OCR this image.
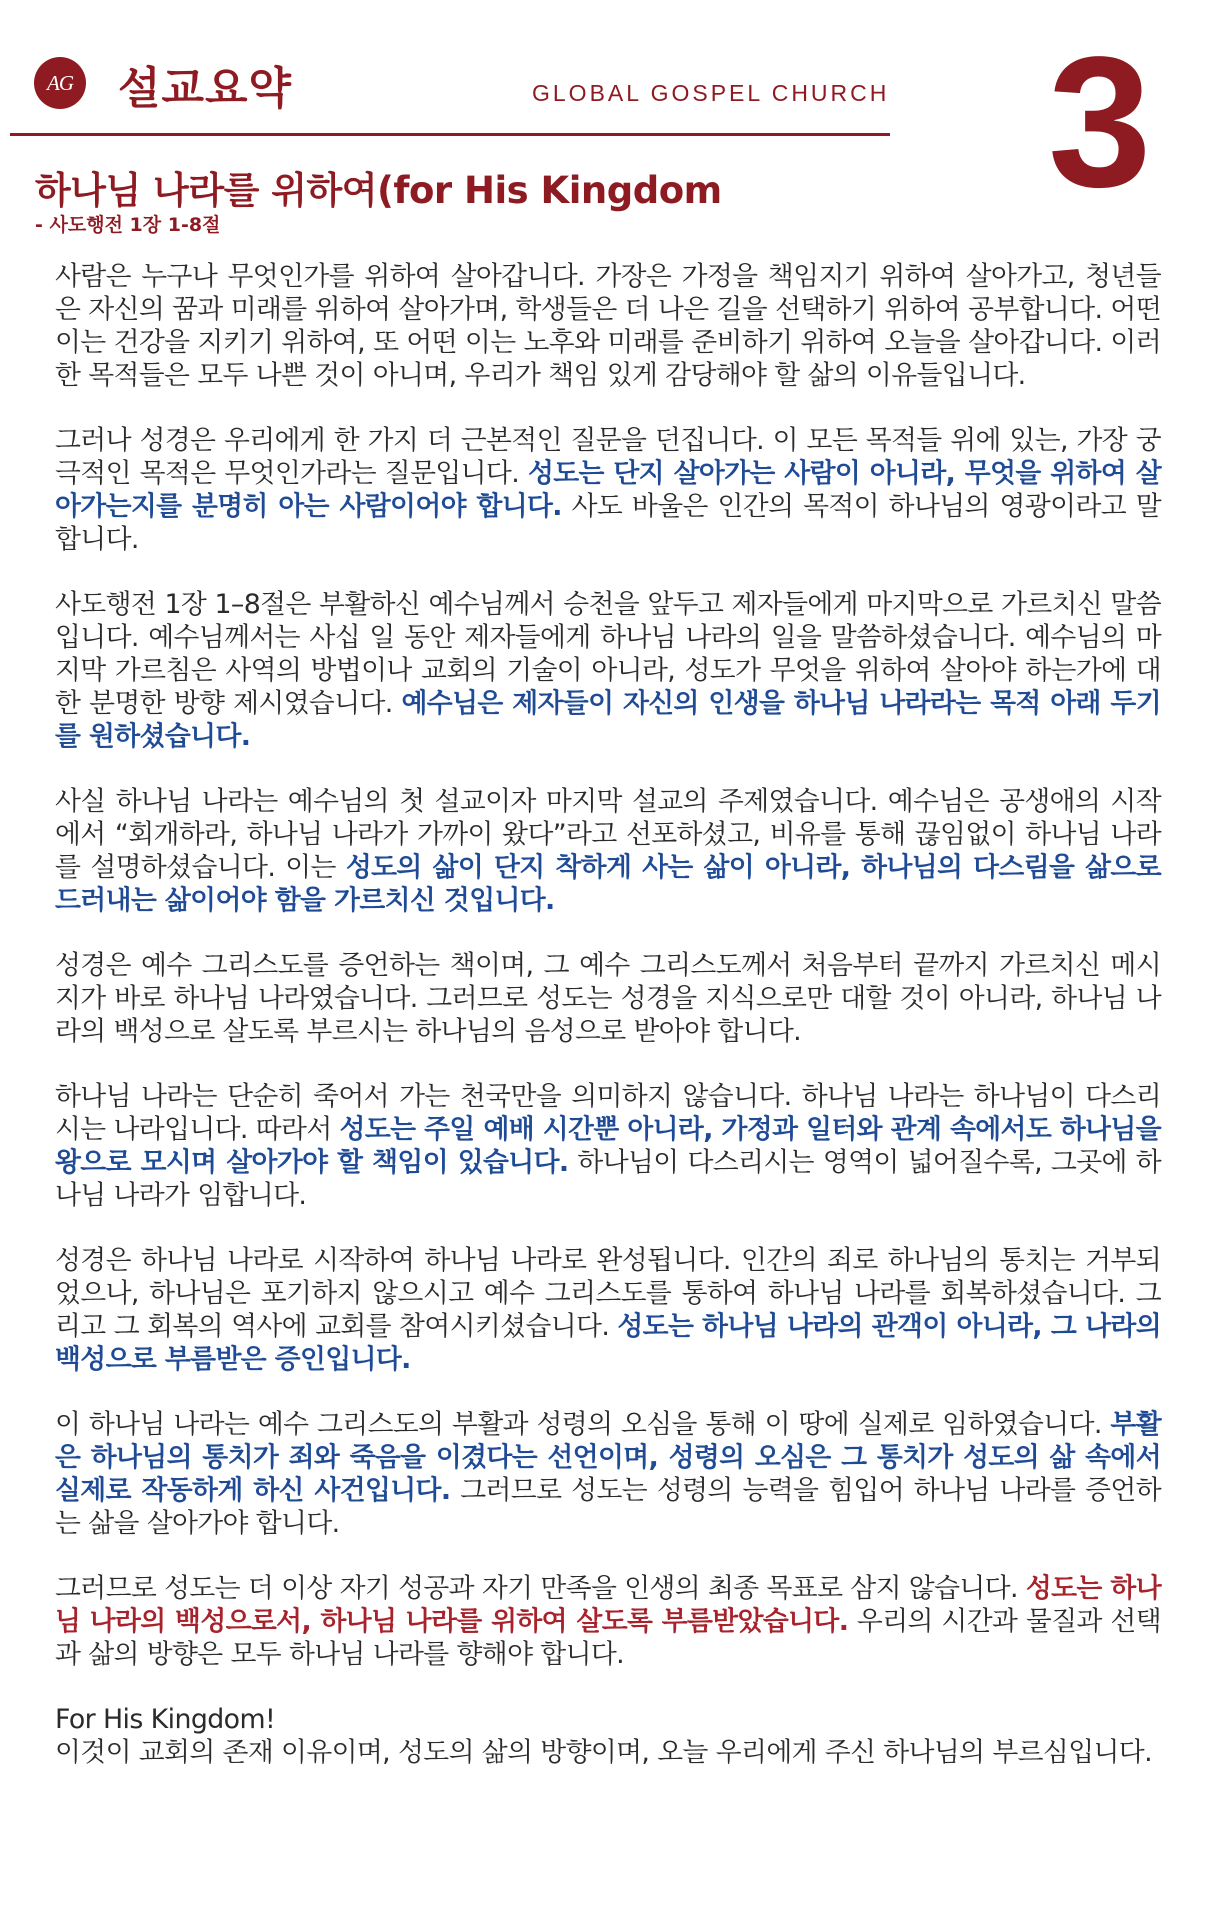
AG 설교요약	GLOBAL GOSPEL CHURCH 3
하나님 나라를 위하여(for His Kingdom
- 사도행전 1장 1-8절

사람은 누구나 무엇인가를 위하여 살아갑니다. 가장은 가정을 책임지기 위하여 살아가고, 청년들은 자신의 꿈과 미래를 위하여 살아가며, 학생들은 더 나은 길을 선택하기 위하여 공부합니다. 어떤 이는 건강을 지키기 위하여, 또 어떤 이는 노후와 미래를 준비하기 위하여 오늘을 살아갑니다. 이러한 목적들은 모두 나쁜 것이 아니며, 우리가 책임 있게 감당해야 할 삶의 이유들입니다.

그러나 성경은 우리에게 한 가지 더 근본적인 질문을 던집니다. 이 모든 목적들 위에 있는, 가장 궁극적인 목적은 무엇인가라는 질문입니다. 성도는 단지 살아가는 사람이 아니라, 무엇을 위하여 살아가는지를 분명히 아는 사람이어야 합니다. 사도 바울은 인간의 목적이 하나님의 영광이라고 말합니다.

사도행전 1장 1–8절은 부활하신 예수님께서 승천을 앞두고 제자들에게 마지막으로 가르치신 말씀입니다. 예수님께서는 사십 일 동안 제자들에게 하나님 나라의 일을 말씀하셨습니다. 예수님의 마지막 가르침은 사역의 방법이나 교회의 기술이 아니라, 성도가 무엇을 위하여 살아야 하는가에 대한 분명한 방향 제시였습니다. 예수님은 제자들이 자신의 인생을 하나님 나라라는 목적 아래 두기를 원하셨습니다.

사실 하나님 나라는 예수님의 첫 설교이자 마지막 설교의 주제였습니다. 예수님은 공생애의 시작에서 “회개하라, 하나님 나라가 가까이 왔다”라고 선포하셨고, 비유를 통해 끊임없이 하나님 나라를 설명하셨습니다. 이는 성도의 삶이 단지 착하게 사는 삶이 아니라, 하나님의 다스림을 삶으로 드러내는 삶이어야 함을 가르치신 것입니다.

성경은 예수 그리스도를 증언하는 책이며, 그 예수 그리스도께서 처음부터 끝까지 가르치신 메시지가 바로 하나님 나라였습니다. 그러므로 성도는 성경을 지식으로만 대할 것이 아니라, 하나님 나라의 백성으로 살도록 부르시는 하나님의 음성으로 받아야 합니다.

하나님 나라는 단순히 죽어서 가는 천국만을 의미하지 않습니다. 하나님 나라는 하나님이 다스리시는 나라입니다. 따라서 성도는 주일 예배 시간뿐 아니라, 가정과 일터와 관계 속에서도 하나님을 왕으로 모시며 살아가야 할 책임이 있습니다. 하나님이 다스리시는 영역이 넓어질수록, 그곳에 하나님 나라가 임합니다.

성경은 하나님 나라로 시작하여 하나님 나라로 완성됩니다. 인간의 죄로 하나님의 통치는 거부되었으나, 하나님은 포기하지 않으시고 예수 그리스도를 통하여 하나님 나라를 회복하셨습니다. 그리고 그 회복의 역사에 교회를 참여시키셨습니다. 성도는 하나님 나라의 관객이 아니라, 그 나라의 백성으로 부름받은 증인입니다.

이 하나님 나라는 예수 그리스도의 부활과 성령의 오심을 통해 이 땅에 실제로 임하였습니다. 부활은 하나님의 통치가 죄와 죽음을 이겼다는 선언이며, 성령의 오심은 그 통치가 성도의 삶 속에서 실제로 작동하게 하신 사건입니다. 그러므로 성도는 성령의 능력을 힘입어 하나님 나라를 증언하는 삶을 살아가야 합니다.

그러므로 성도는 더 이상 자기 성공과 자기 만족을 인생의 최종 목표로 삼지 않습니다. 성도는 하나님 나라의 백성으로서, 하나님 나라를 위하여 살도록 부름받았습니다. 우리의 시간과 물질과 선택과 삶의 방향은 모두 하나님 나라를 향해야 합니다.

For His Kingdom!
이것이 교회의 존재 이유이며, 성도의 삶의 방향이며, 오늘 우리에게 주신 하나님의 부르심입니다.
